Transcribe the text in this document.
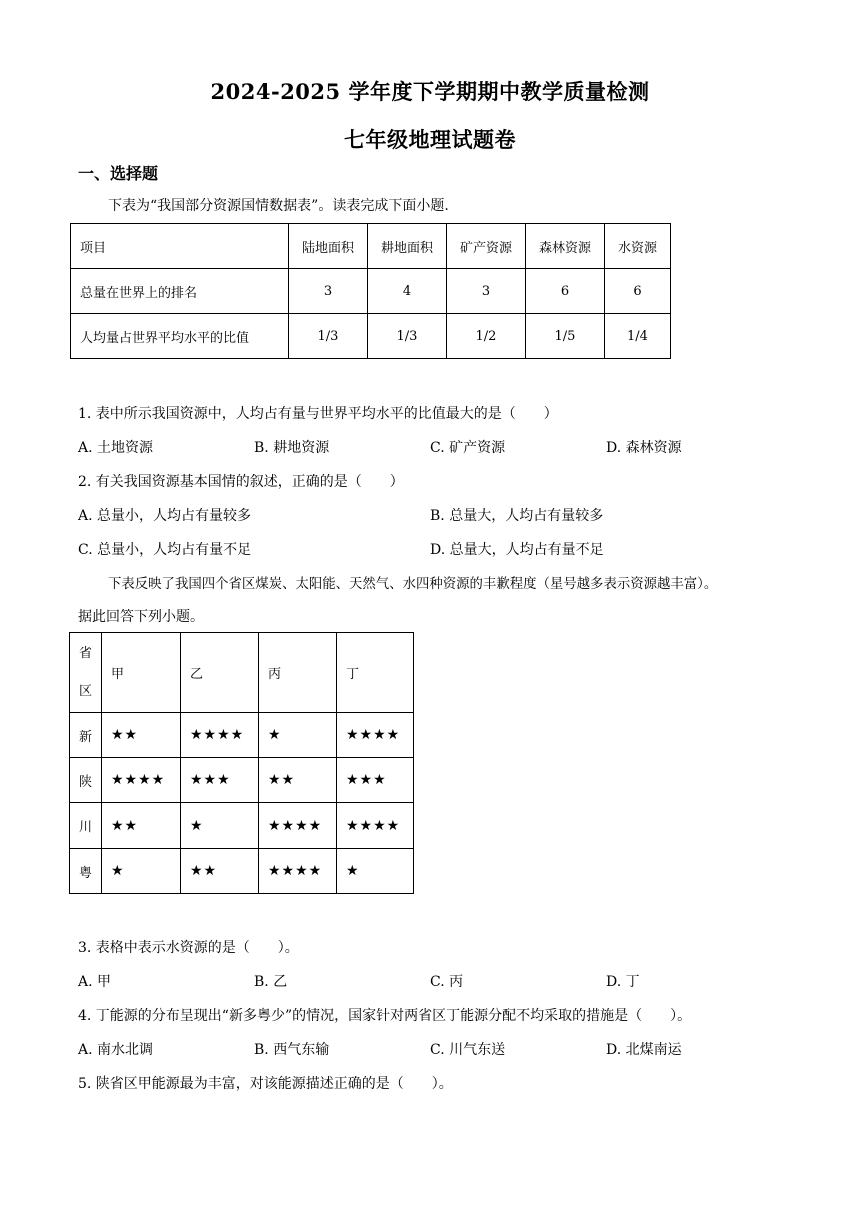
2024-2025 学年度下学期期中教学质量检测
七年级地理试题卷
一、选择题
下表为“我国部分资源国情数据表”。读表完成下面小题.
项目	陆地面积	耕地面积	矿产资源	森林资源	水资源
总量在世界上的排名	3	4	3	6	6
人均量占世界平均水平的比值	1/3	1/3	1/2	1/5	1/4
1. 表中所示我国资源中，人均占有量与世界平均水平的比值最大的是（　　）
A. 土地资源	B. 耕地资源	C. 矿产资源	D. 森林资源
2. 有关我国资源基本国情的叙述，正确的是（　　）
A. 总量小，人均占有量较多	B. 总量大，人均占有量较多
C. 总量小，人均占有量不足	D. 总量大，人均占有量不足
下表反映了我国四个省区煤炭、太阳能、天然气、水四种资源的丰歉程度（星号越多表示资源越丰富）。
据此回答下列小题。
省
区	甲	乙	丙	丁
新	★★	★★★★	★	★★★★
陕	★★★★	★★★	★★	★★★
川	★★	★	★★★★	★★★★
粤	★	★★	★★★★	★
3. 表格中表示水资源的是（　　）。
A. 甲	B. 乙	C. 丙	D. 丁
4. 丁能源的分布呈现出“新多粤少”的情况，国家针对两省区丁能源分配不均采取的措施是（　　）。
A. 南水北调	B. 西气东输	C. 川气东送	D. 北煤南运
5. 陕省区甲能源最为丰富，对该能源描述正确的是（　　）。
